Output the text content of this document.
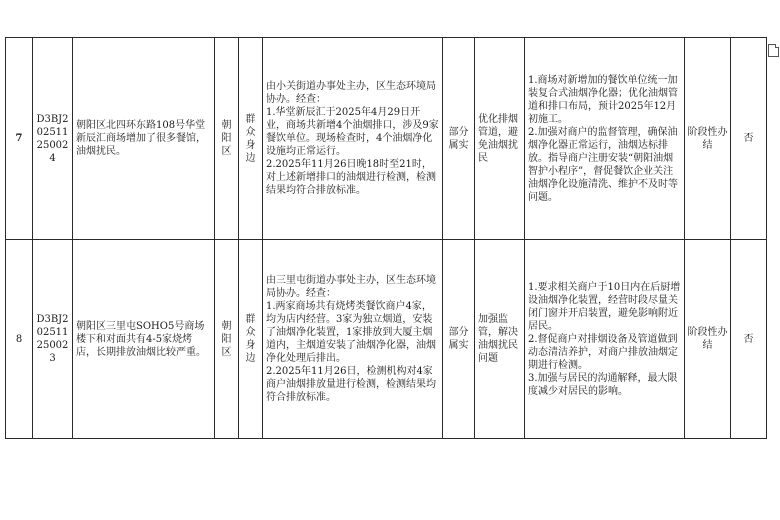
7	D3BJ2
02511
25002
4	朝阳区北四环东路108号华堂新辰汇商场增加了很多餐馆，油烟扰民。	朝阳区	群众身边	由小关街道办事处主办，区生态环境局协办。经查：
1.华堂新辰汇于2025年4月29日开业，商场共新增4个油烟排口，涉及9家餐饮单位。现场检查时，4个油烟净化设施均正常运行。
2.2025年11月26日晚18时至21时，对上述新增排口的油烟进行检测，检测结果均符合排放标准。	部分属实	优化排烟管道，避免油烟扰民	1.商场对新增加的餐饮单位统一加装复合式油烟净化器；优化油烟管道和排口布局，预计2025年12月初施工。
2.加强对商户的监督管理，确保油烟净化器正常运行，油烟达标排放。指导商户注册安装“朝阳油烟智护小程序”，督促餐饮企业关注油烟净化设施清洗、维护不及时等问题。	阶段性办结	否
8	D3BJ2
02511
25002
3	朝阳区三里屯SOHO5号商场楼下和对面共有4-5家烧烤店，长期排放油烟比较严重。	朝阳区	群众身边	由三里屯街道办事处主办，区生态环境局协办。经查：
1.两家商场共有烧烤类餐饮商户4家，均为店内经营。3家为独立烟道，安装了油烟净化装置，1家排放到大厦主烟道内，主烟道安装了油烟净化器，油烟净化处理后排出。
2.2025年11月26日，检测机构对4家商户油烟排放量进行检测，检测结果均符合排放标准。	部分属实	加强监管，解决油烟扰民问题	1.要求相关商户于10日内在后厨增设油烟净化装置，经营时段尽量关闭门窗并开启装置，避免影响附近居民。
2.督促商户对排烟设备及管道做到动态清洁养护，对商户排放油烟定期进行检测。
3.加强与居民的沟通解释，最大限度减少对居民的影响。	阶段性办结	否
